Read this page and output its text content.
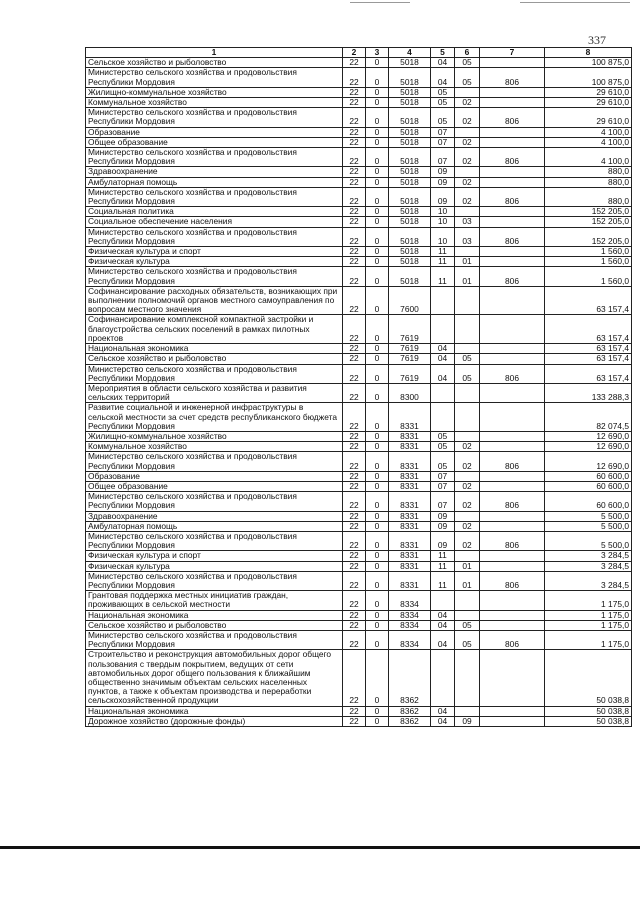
337
1	2	3	4	5	6	7	8
Сельское хозяйство и рыболовство	22	0	5018	04	05		100 875,0
Министерство сельского хозяйства и продовольствия Республики Мордовия	22	0	5018	04	05	806	100 875,0
Жилищно-коммунальное хозяйство	22	0	5018	05			29 610,0
Коммунальное хозяйство	22	0	5018	05	02		29 610,0
Министерство сельского хозяйства и продовольствия Республики Мордовия	22	0	5018	05	02	806	29 610,0
Образование	22	0	5018	07			4 100,0
Общее образование	22	0	5018	07	02		4 100,0
Министерство сельского хозяйства и продовольствия Республики Мордовия	22	0	5018	07	02	806	4 100,0
Здравоохранение	22	0	5018	09			880,0
Амбулаторная помощь	22	0	5018	09	02		880,0
Министерство сельского хозяйства и продовольствия Республики Мордовия	22	0	5018	09	02	806	880,0
Социальная политика	22	0	5018	10			152 205,0
Социальное обеспечение населения	22	0	5018	10	03		152 205,0
Министерство сельского хозяйства и продовольствия Республики Мордовия	22	0	5018	10	03	806	152 205,0
Физическая культура и спорт	22	0	5018	11			1 560,0
Физическая культура	22	0	5018	11	01		1 560,0
Министерство сельского хозяйства и продовольствия Республики Мордовия	22	0	5018	11	01	806	1 560,0
Софинансирование расходных обязательств, возникающих при выполнении полномочий органов местного самоуправления по вопросам местного значения	22	0	7600				63 157,4
Софинансирование комплексной компактной застройки и благоустройства сельских поселений в рамках пилотных проектов	22	0	7619				63 157,4
Национальная экономика	22	0	7619	04			63 157,4
Сельское хозяйство и рыболовство	22	0	7619	04	05		63 157,4
Министерство сельского хозяйства и продовольствия Республики Мордовия	22	0	7619	04	05	806	63 157,4
Мероприятия в области сельского хозяйства и развития сельских территорий	22	0	8300				133 288,3
Развитие социальной и инженерной инфраструктуры в сельской местности за счет средств республиканского бюджета Республики Мордовия	22	0	8331				82 074,5
Жилищно-коммунальное хозяйство	22	0	8331	05			12 690,0
Коммунальное хозяйство	22	0	8331	05	02		12 690,0
Министерство сельского хозяйства и продовольствия Республики Мордовия	22	0	8331	05	02	806	12 690,0
Образование	22	0	8331	07			60 600,0
Общее образование	22	0	8331	07	02		60 600,0
Министерство сельского хозяйства и продовольствия Республики Мордовия	22	0	8331	07	02	806	60 600,0
Здравоохранение	22	0	8331	09			5 500,0
Амбулаторная помощь	22	0	8331	09	02		5 500,0
Министерство сельского хозяйства и продовольствия Республики Мордовия	22	0	8331	09	02	806	5 500,0
Физическая культура и спорт	22	0	8331	11			3 284,5
Физическая культура	22	0	8331	11	01		3 284,5
Министерство сельского хозяйства и продовольствия Республики Мордовия	22	0	8331	11	01	806	3 284,5
Грантовая поддержка местных инициатив граждан, проживающих в сельской местности	22	0	8334				1 175,0
Национальная экономика	22	0	8334	04			1 175,0
Сельское хозяйство и рыболовство	22	0	8334	04	05		1 175,0
Министерство сельского хозяйства и продовольствия Республики Мордовия	22	0	8334	04	05	806	1 175,0
Строительство и реконструкция автомобильных дорог общего пользования с твердым покрытием, ведущих от сети автомобильных дорог общего пользования к ближайшим общественно значимым объектам сельских населенных пунктов, а также к объектам производства и переработки сельскохозяйственной продукции	22	0	8362				50 038,8
Национальная экономика	22	0	8362	04			50 038,8
Дорожное хозяйство (дорожные фонды)	22	0	8362	04	09		50 038,8
